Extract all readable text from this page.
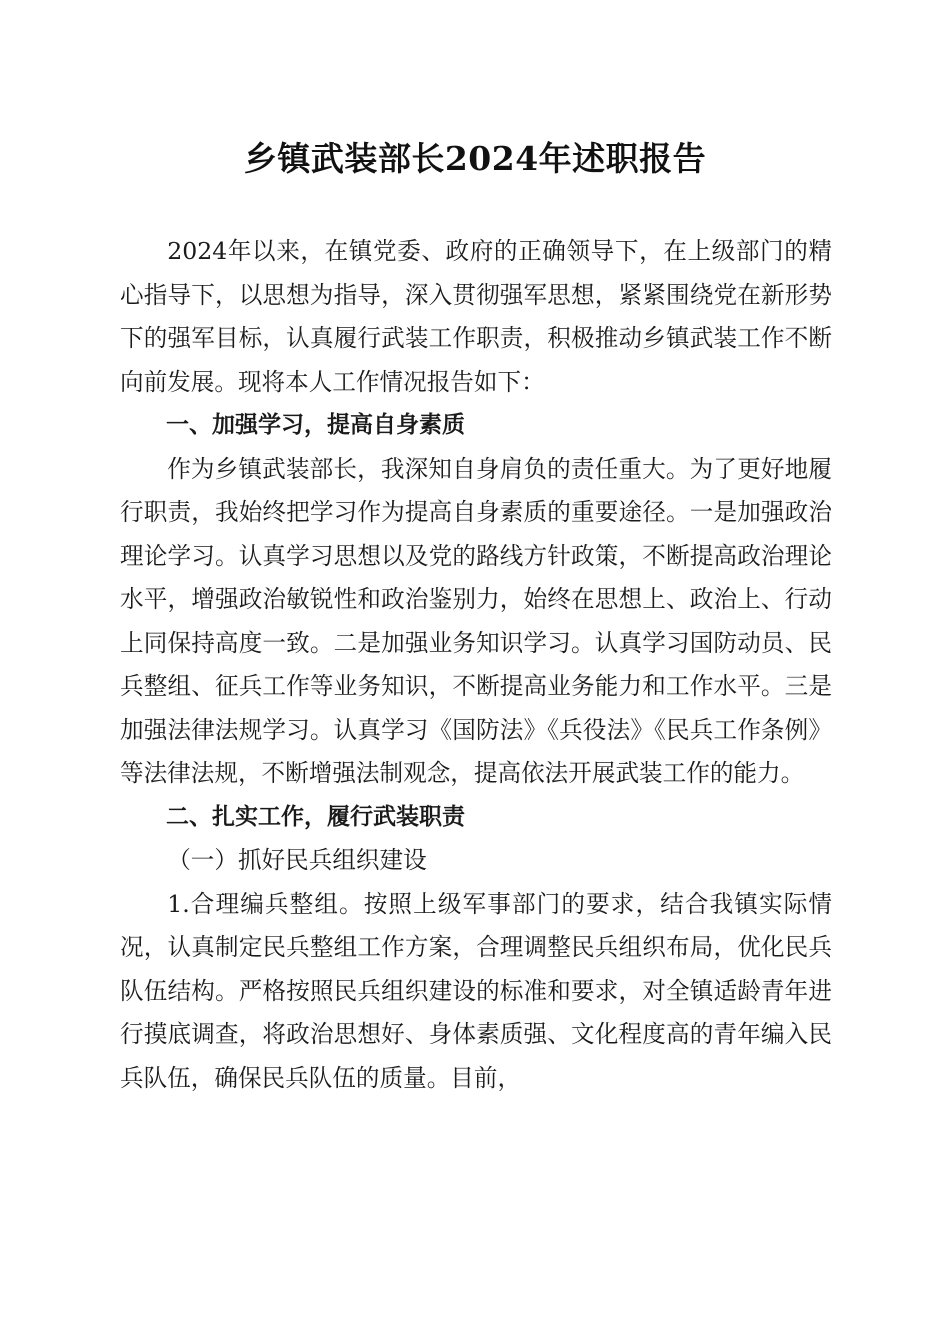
乡镇武装部长2024年述职报告

2024年以来，在镇党委、政府的正确领导下，在上级部门的精心指导下，以思想为指导，深入贯彻强军思想，紧紧围绕党在新形势下的强军目标，认真履行武装工作职责，积极推动乡镇武装工作不断向前发展。现将本人工作情况报告如下：

一、加强学习，提高自身素质

作为乡镇武装部长，我深知自身肩负的责任重大。为了更好地履行职责，我始终把学习作为提高自身素质的重要途径。一是加强政治理论学习。认真学习思想以及党的路线方针政策，不断提高政治理论水平，增强政治敏锐性和政治鉴别力，始终在思想上、政治上、行动上同保持高度一致。二是加强业务知识学习。认真学习国防动员、民兵整组、征兵工作等业务知识，不断提高业务能力和工作水平。三是加强法律法规学习。认真学习《国防法》《兵役法》《民兵工作条例》等法律法规，不断增强法制观念，提高依法开展武装工作的能力。

二、扎实工作，履行武装职责

（一）抓好民兵组织建设

1.合理编兵整组。按照上级军事部门的要求，结合我镇实际情况，认真制定民兵整组工作方案，合理调整民兵组织布局，优化民兵队伍结构。严格按照民兵组织建设的标准和要求，对全镇适龄青年进行摸底调查，将政治思想好、身体素质强、文化程度高的青年编入民兵队伍，确保民兵队伍的质量。目前，
